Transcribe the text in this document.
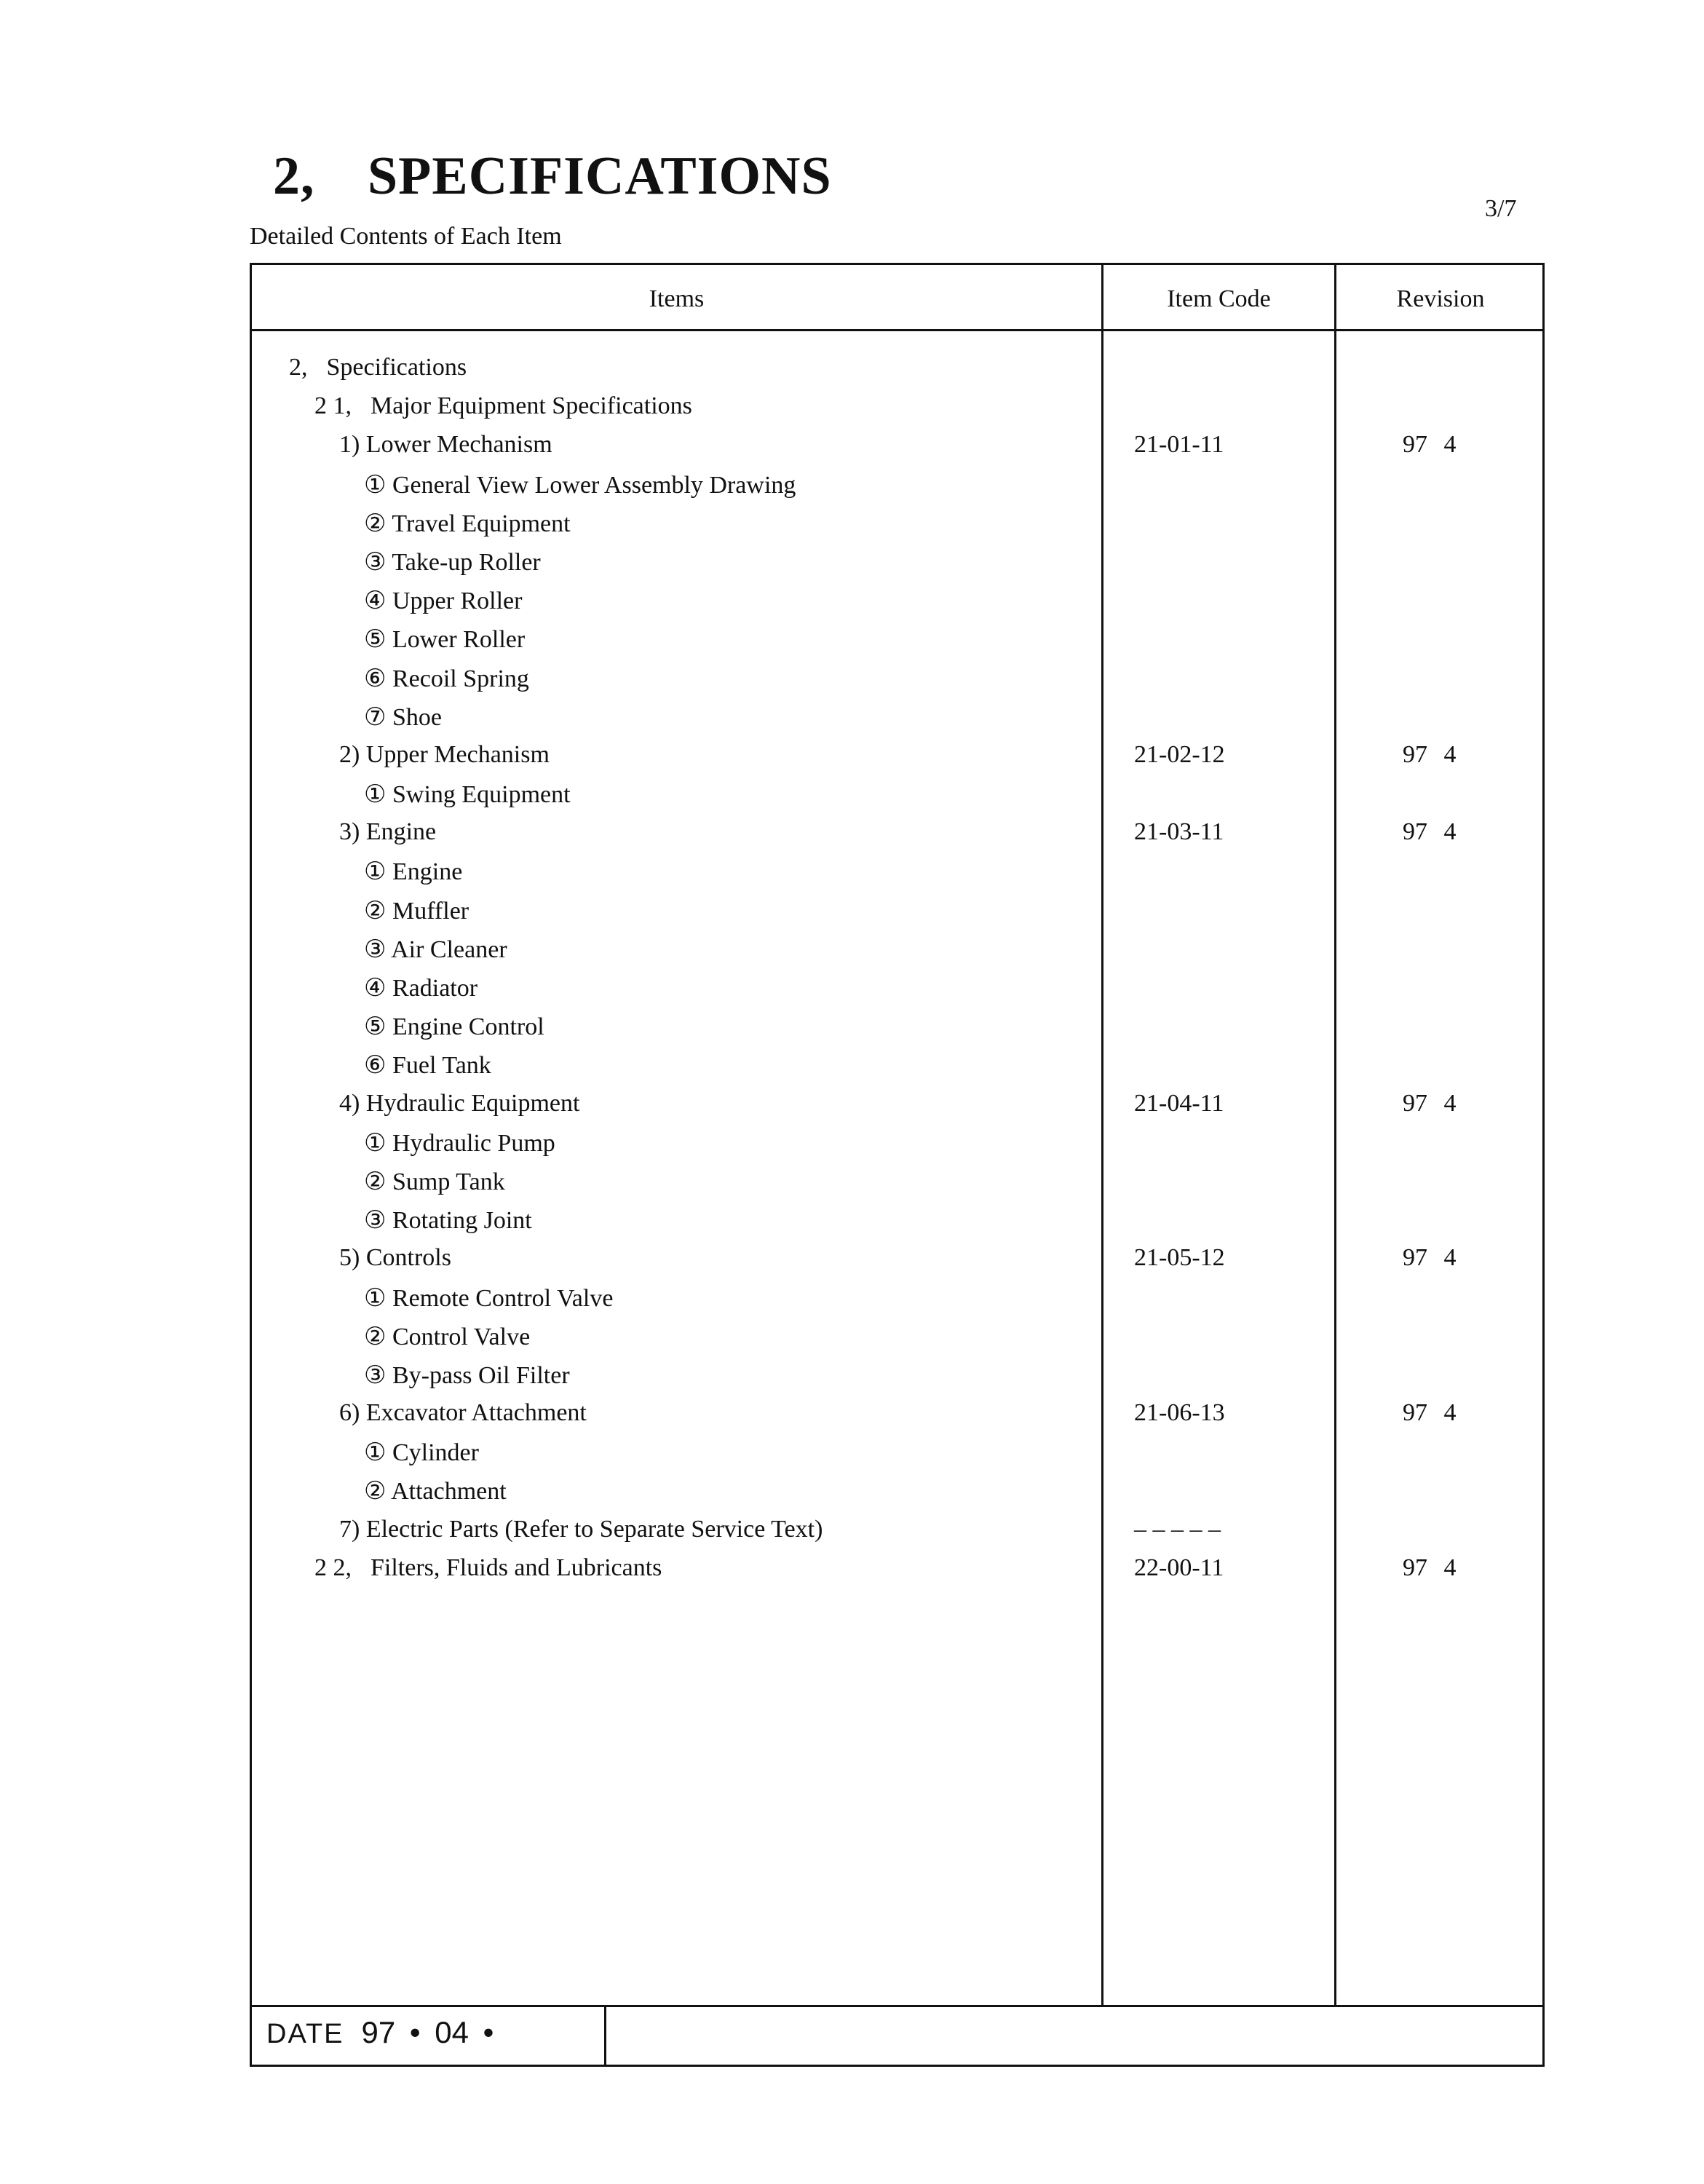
2, SPECIFICATIONS
Detailed Contents of Each Item
3/7
Items	Item Code	Revision
2, Specifications
2 1, Major Equipment Specifications
1) Lower Mechanism	21-01-11	97 4
① General View Lower Assembly Drawing
② Travel Equipment
③ Take-up Roller
④ Upper Roller
⑤ Lower Roller
⑥ Recoil Spring
⑦ Shoe
2) Upper Mechanism	21-02-12	97 4
① Swing Equipment
3) Engine	21-03-11	97 4
① Engine
② Muffler
③ Air Cleaner
④ Radiator
⑤ Engine Control
⑥ Fuel Tank
4) Hydraulic Equipment	21-04-11	97 4
① Hydraulic Pump
② Sump Tank
③ Rotating Joint
5) Controls	21-05-12	97 4
① Remote Control Valve
② Control Valve
③ By-pass Oil Filter
6) Excavator Attachment	21-06-13	97 4
① Cylinder
② Attachment
7) Electric Parts (Refer to Separate Service Text)	– – – – –
2 2, Filters, Fluids and Lubricants	22-00-11	97 4
DATE 97 • 04 •
